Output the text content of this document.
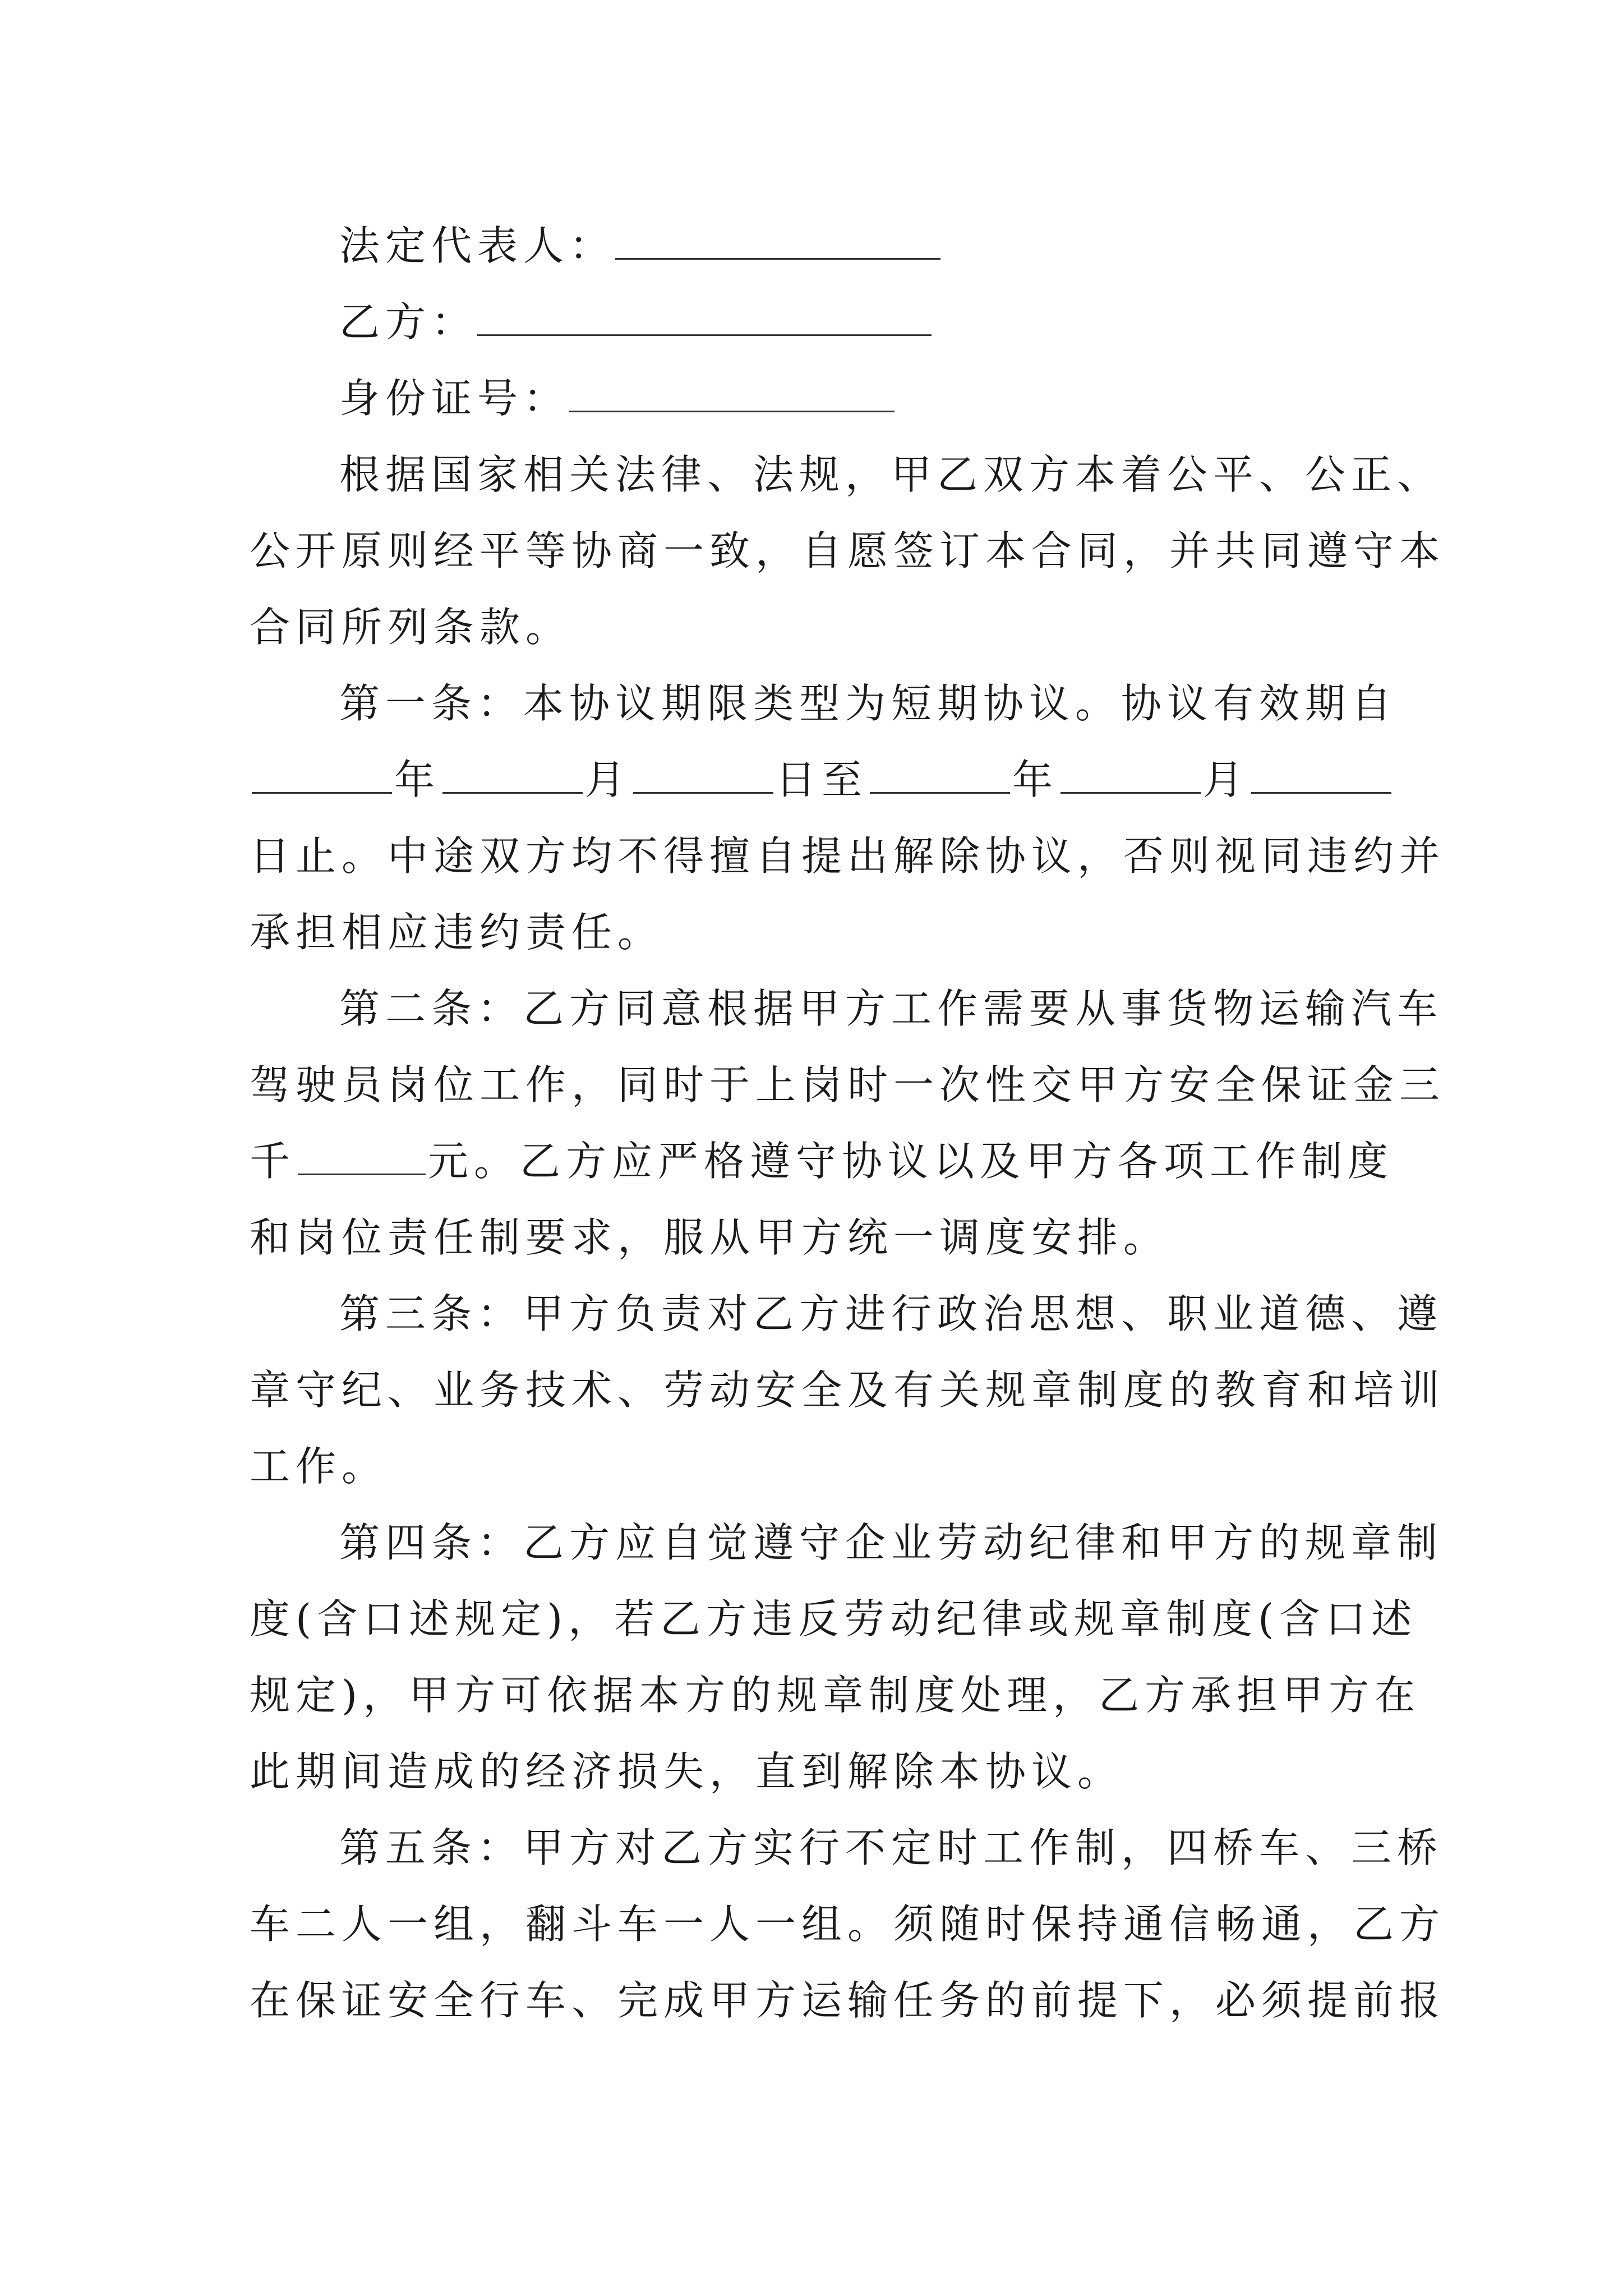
法定代表人：
乙方：
身份证号：
根据国家相关法律、法规，甲乙双方本着公平、公正、
公开原则经平等协商一致，自愿签订本合同，并共同遵守本
合同所列条款。
第一条：本协议期限类型为短期协议。协议有效期自
年	月	日至	年	月
日止。中途双方均不得擅自提出解除协议，否则视同违约并
承担相应违约责任。
第二条：乙方同意根据甲方工作需要从事货物运输汽车
驾驶员岗位工作，同时于上岗时一次性交甲方安全保证金三
千	元。乙方应严格遵守协议以及甲方各项工作制度
和岗位责任制要求，服从甲方统一调度安排。
第三条：甲方负责对乙方进行政治思想、职业道德、遵
章守纪、业务技术、劳动安全及有关规章制度的教育和培训
工作。
第四条：乙方应自觉遵守企业劳动纪律和甲方的规章制
度(含口述规定)，若乙方违反劳动纪律或规章制度(含口述
规定)，甲方可依据本方的规章制度处理，乙方承担甲方在
此期间造成的经济损失，直到解除本协议。
第五条：甲方对乙方实行不定时工作制，四桥车、三桥
车二人一组，翻斗车一人一组。须随时保持通信畅通，乙方
在保证安全行车、完成甲方运输任务的前提下，必须提前报
